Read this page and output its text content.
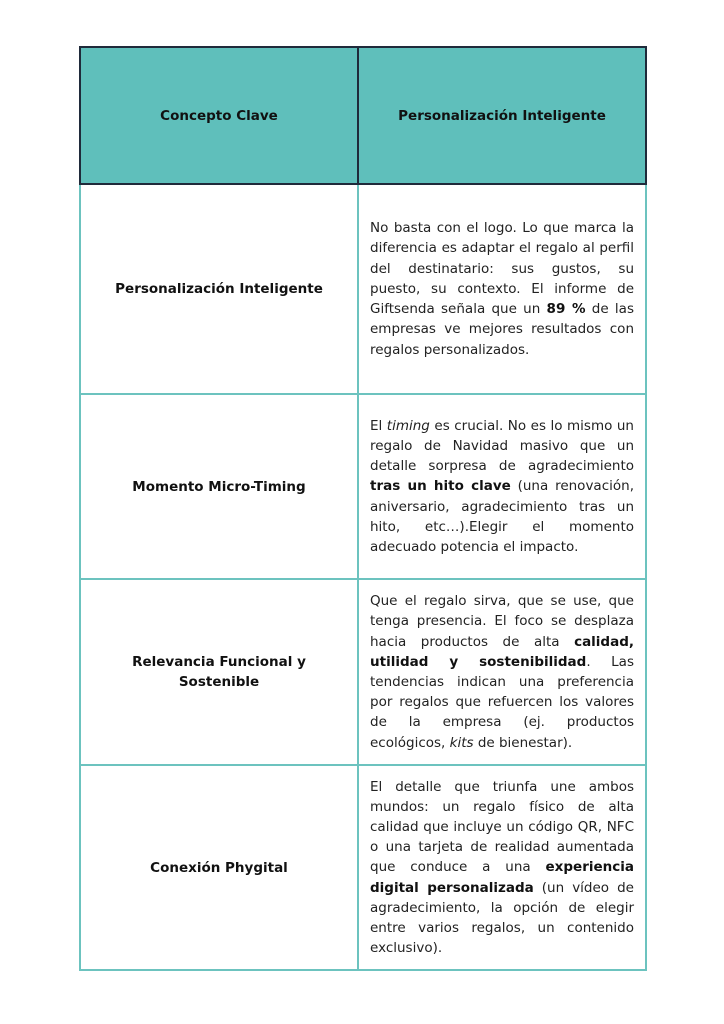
Concepto Clave	Personalización Inteligente
Personalización Inteligente	No basta con el logo. Lo que marca la diferencia es adaptar el regalo al perfil del destinatario: sus gustos, su puesto, su contexto. El informe de Giftsenda señala que un 89 % de las empresas ve mejores resultados con regalos personalizados.
Momento Micro-Timing	El timing es crucial. No es lo mismo un regalo de Navidad masivo que un detalle sorpresa de agradecimiento tras un hito clave (una renovación, aniversario, agradecimiento tras un hito, etc…).Elegir el momento adecuado potencia el impacto.
Relevancia Funcional y Sostenible	Que el regalo sirva, que se use, que tenga presencia. El foco se desplaza hacia productos de alta calidad, utilidad y sostenibilidad. Las tendencias indican una preferencia por regalos que refuercen los valores de la empresa (ej. productos ecológicos, kits de bienestar).
Conexión Phygital	El detalle que triunfa une ambos mundos: un regalo físico de alta calidad que incluye un código QR, NFC o una tarjeta de realidad aumentada que conduce a una experiencia digital personalizada (un vídeo de agradecimiento, la opción de elegir entre varios regalos, un contenido exclusivo).
